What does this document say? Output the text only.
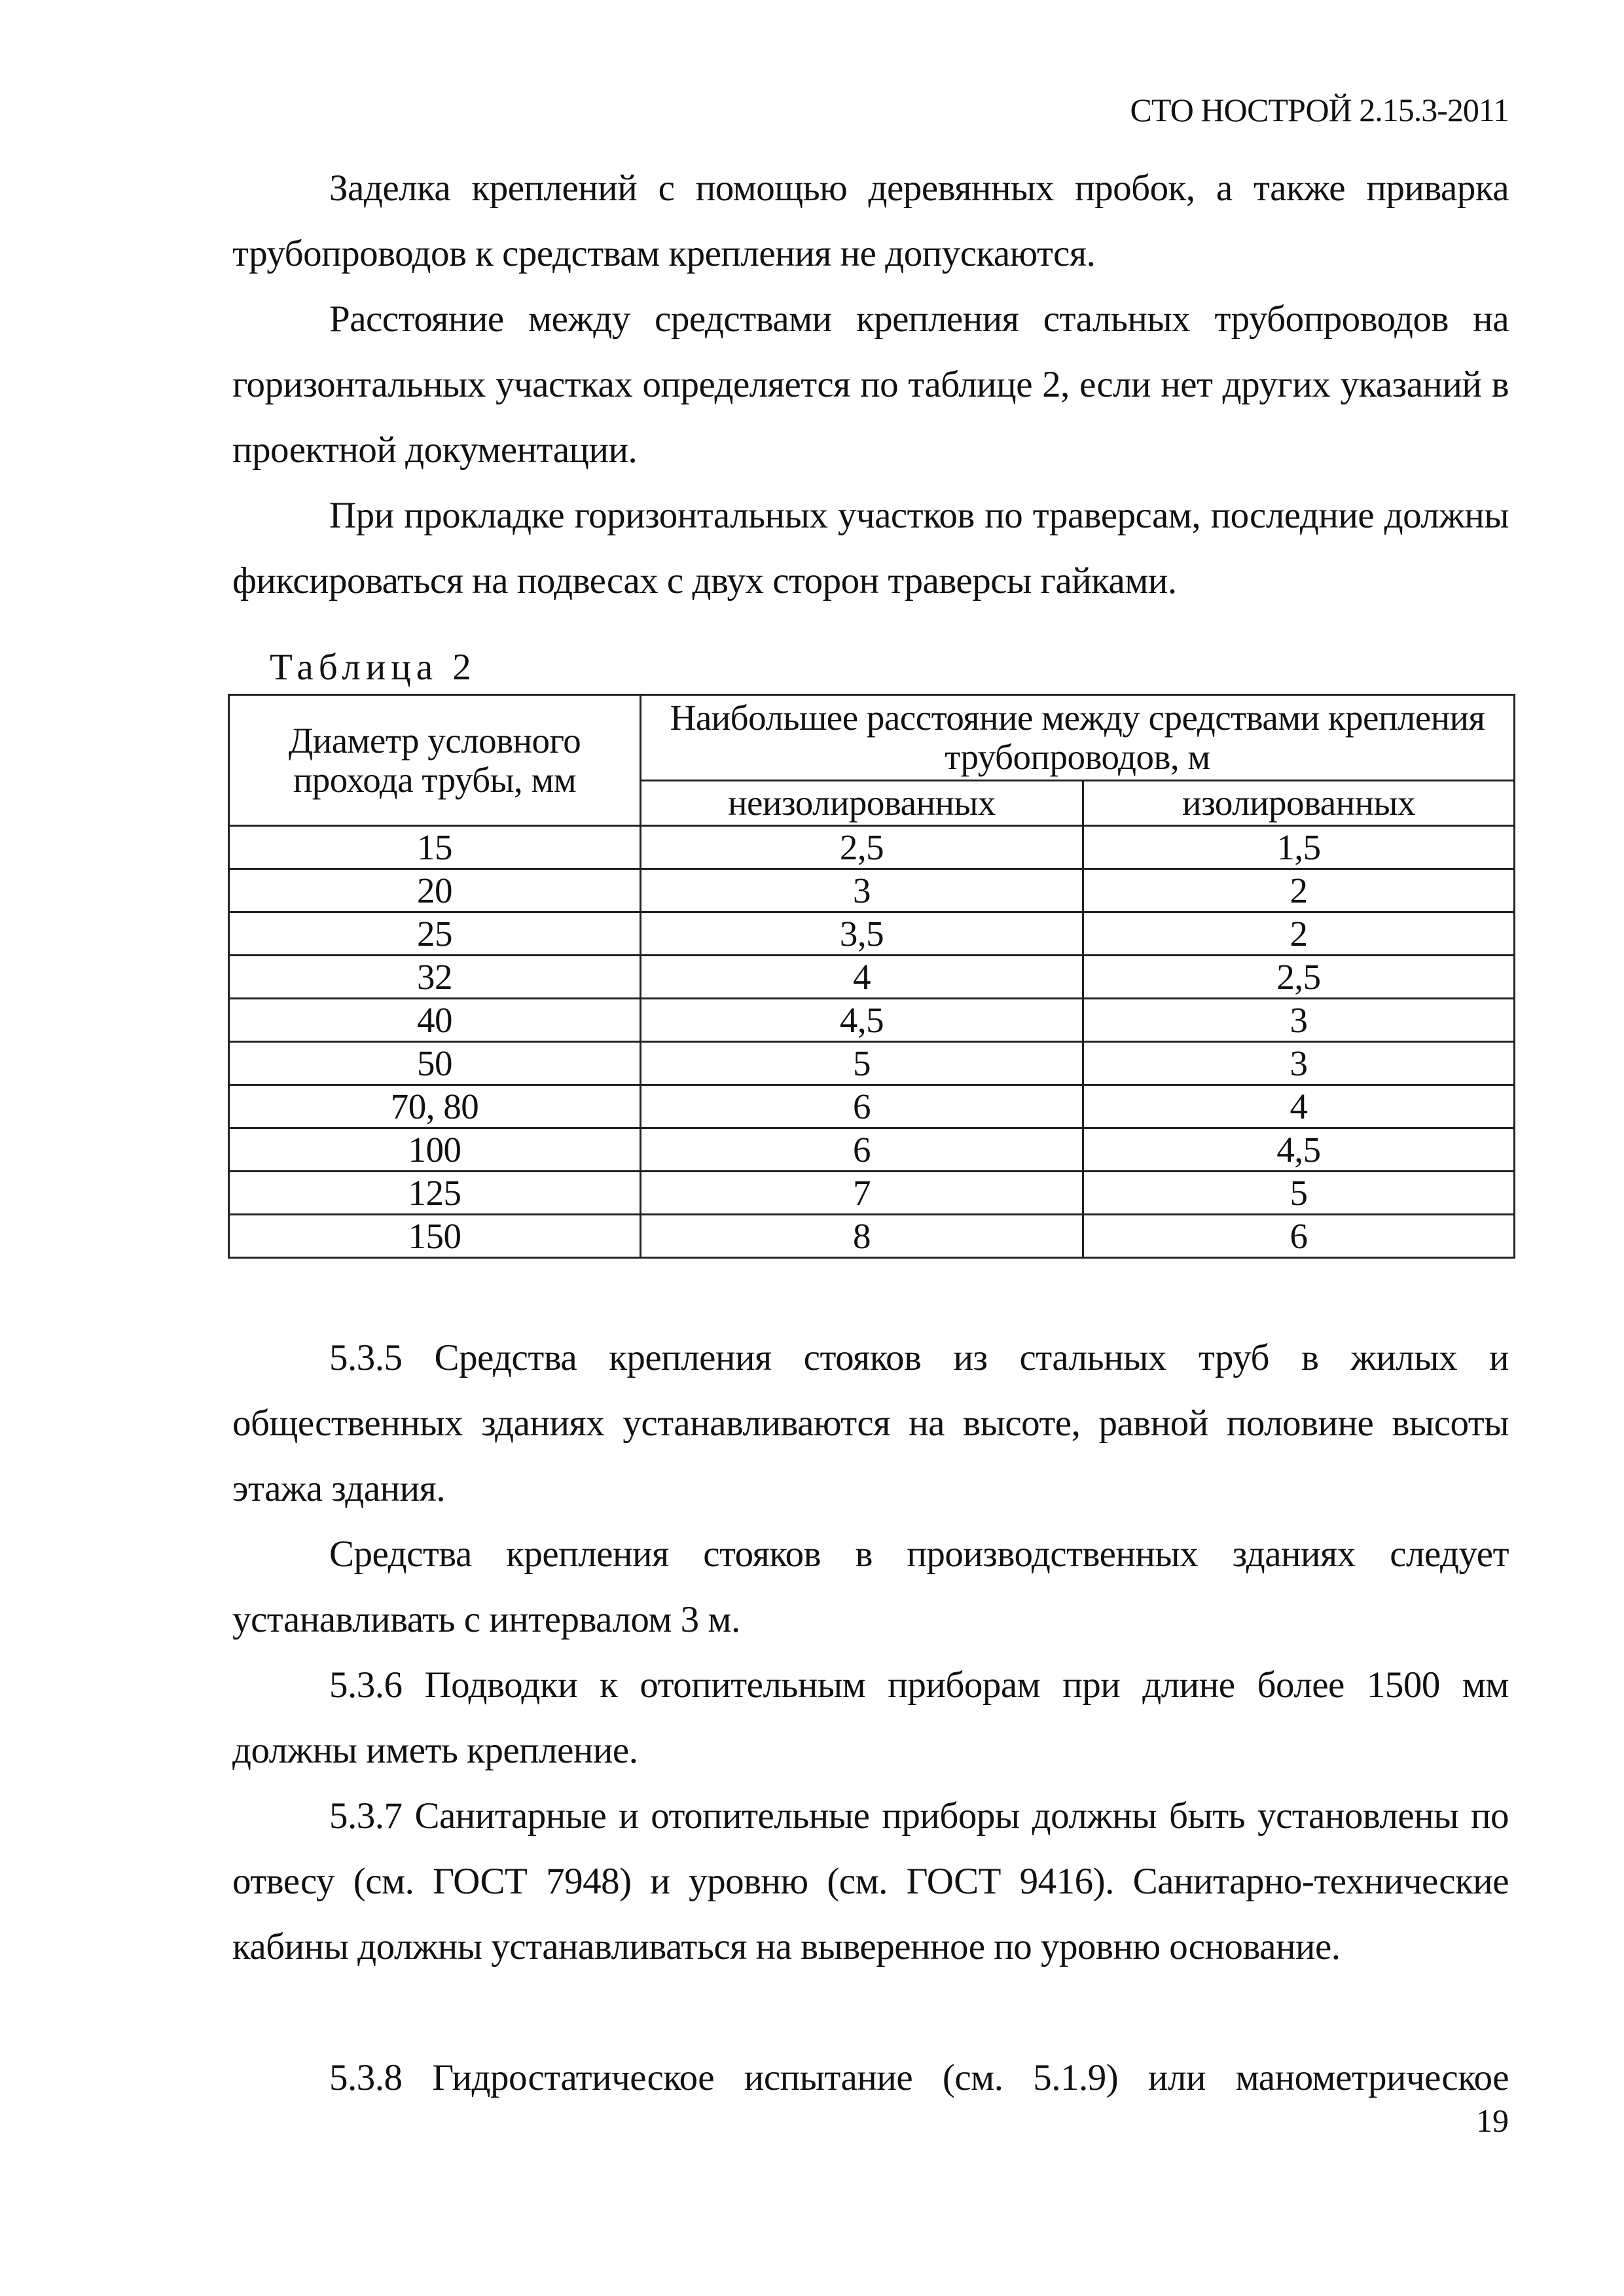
СТО НОСТРОЙ 2.15.3-2011

Заделка креплений с помощью деревянных пробок, а также приварка трубопроводов к средствам крепления не допускаются.

Расстояние между средствами крепления стальных трубопроводов на горизонтальных участках определяется по таблице 2, если нет других указаний в проектной документации.

При прокладке горизонтальных участков по траверсам, последние должны фиксироваться на подвесах с двух сторон траверсы гайками.

Таблица 2
Диаметр условного прохода трубы, мм	Наибольшее расстояние между средствами крепления трубопроводов, м	
	неизолированных	изолированных
15	2,5	1,5
20	3	2
25	3,5	2
32	4	2,5
40	4,5	3
50	5	3
70, 80	6	4
100	6	4,5
125	7	5
150	8	6

5.3.5 Средства крепления стояков из стальных труб в жилых и общественных зданиях устанавливаются на высоте, равной половине высоты этажа здания.

Средства крепления стояков в производственных зданиях следует устанавливать с интервалом 3 м.

5.3.6 Подводки к отопительным приборам при длине более 1500 мм должны иметь крепление.

5.3.7 Санитарные и отопительные приборы должны быть установлены по отвесу (см. ГОСТ 7948) и уровню (см. ГОСТ 9416). Санитарно-технические кабины должны устанавливаться на выверенное по уровню основание.

5.3.8 Гидростатическое испытание (см. 5.1.9) или манометрическое

19
